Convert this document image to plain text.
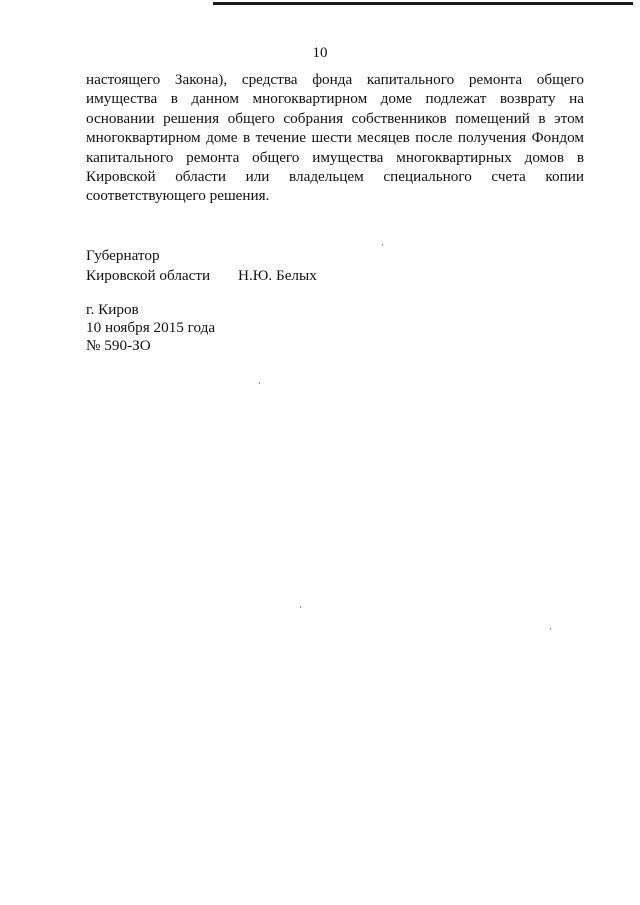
10
настоящего Закона), средства фонда капитального ремонта общего
имущества в данном многоквартирном доме подлежат возврату на
основании решения общего собрания собственников помещений в этом
многоквартирном доме в течение шести месяцев после получения Фондом
капитального ремонта общего имущества многоквартирных домов в
Кировской области или владельцем специального счета копии
соответствующего решения.
Губернатор
Кировской области Н.Ю. Белых
г. Киров
10 ноября 2015 года
№ 590-ЗО
